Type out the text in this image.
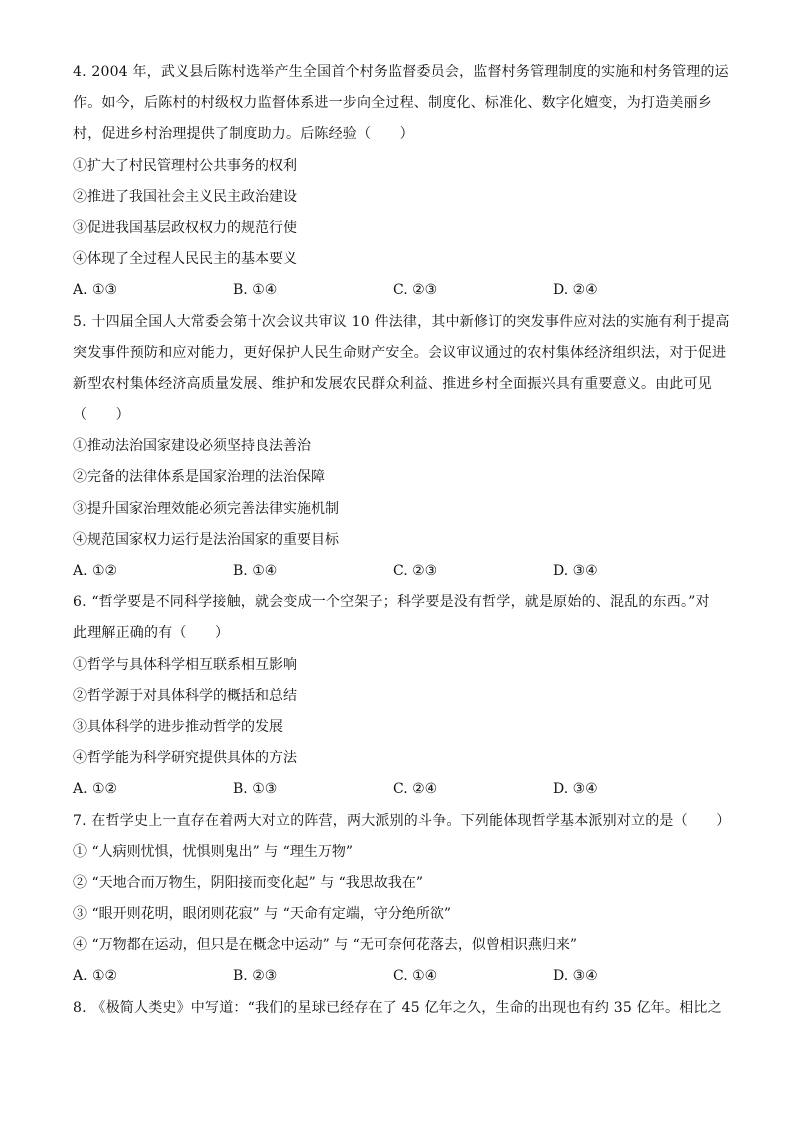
4. 2004 年，武义县后陈村选举产生全国首个村务监督委员会，监督村务管理制度的实施和村务管理的运
作。如今，后陈村的村级权力监督体系进一步向全过程、制度化、标准化、数字化嬗变，为打造美丽乡
村，促进乡村治理提供了制度助力。后陈经验（　　）
①扩大了村民管理村公共事务的权利
②推进了我国社会主义民主政治建设
③促进我国基层政权权力的规范行使
④体现了全过程人民民主的基本要义
A. ①③	B. ①④	C. ②③	D. ②④
5. 十四届全国人大常委会第十次会议共审议 10 件法律，其中新修订的突发事件应对法的实施有利于提高
突发事件预防和应对能力，更好保护人民生命财产安全。会议审议通过的农村集体经济组织法，对于促进
新型农村集体经济高质量发展、维护和发展农民群众利益、推进乡村全面振兴具有重要意义。由此可见
（　　）
①推动法治国家建设必须坚持良法善治
②完备的法律体系是国家治理的法治保障
③提升国家治理效能必须完善法律实施机制
④规范国家权力运行是法治国家的重要目标
A. ①②	B. ①④	C. ②③	D. ③④
6. “哲学要是不同科学接触，就会变成一个空架子；科学要是没有哲学，就是原始的、混乱的东西。”对
此理解正确的有（　　）
①哲学与具体科学相互联系相互影响
②哲学源于对具体科学的概括和总结
③具体科学的进步推动哲学的发展
④哲学能为科学研究提供具体的方法
A. ①②	B. ①③	C. ②④	D. ③④
7. 在哲学史上一直存在着两大对立的阵营，两大派别的斗争。下列能体现哲学基本派别对立的是（　　）
① “人病则忧惧，忧惧则鬼出” 与 “理生万物”
② “天地合而万物生，阴阳接而变化起” 与 “我思故我在”
③ “眼开则花明，眼闭则花寂” 与 “天命有定端，守分绝所欲”
④ “万物都在运动，但只是在概念中运动” 与 “无可奈何花落去，似曾相识燕归来”
A. ①②	B. ②③	C. ①④	D. ③④
8. 《极简人类史》中写道：“我们的星球已经存在了 45 亿年之久，生命的出现也有约 35 亿年。相比之
